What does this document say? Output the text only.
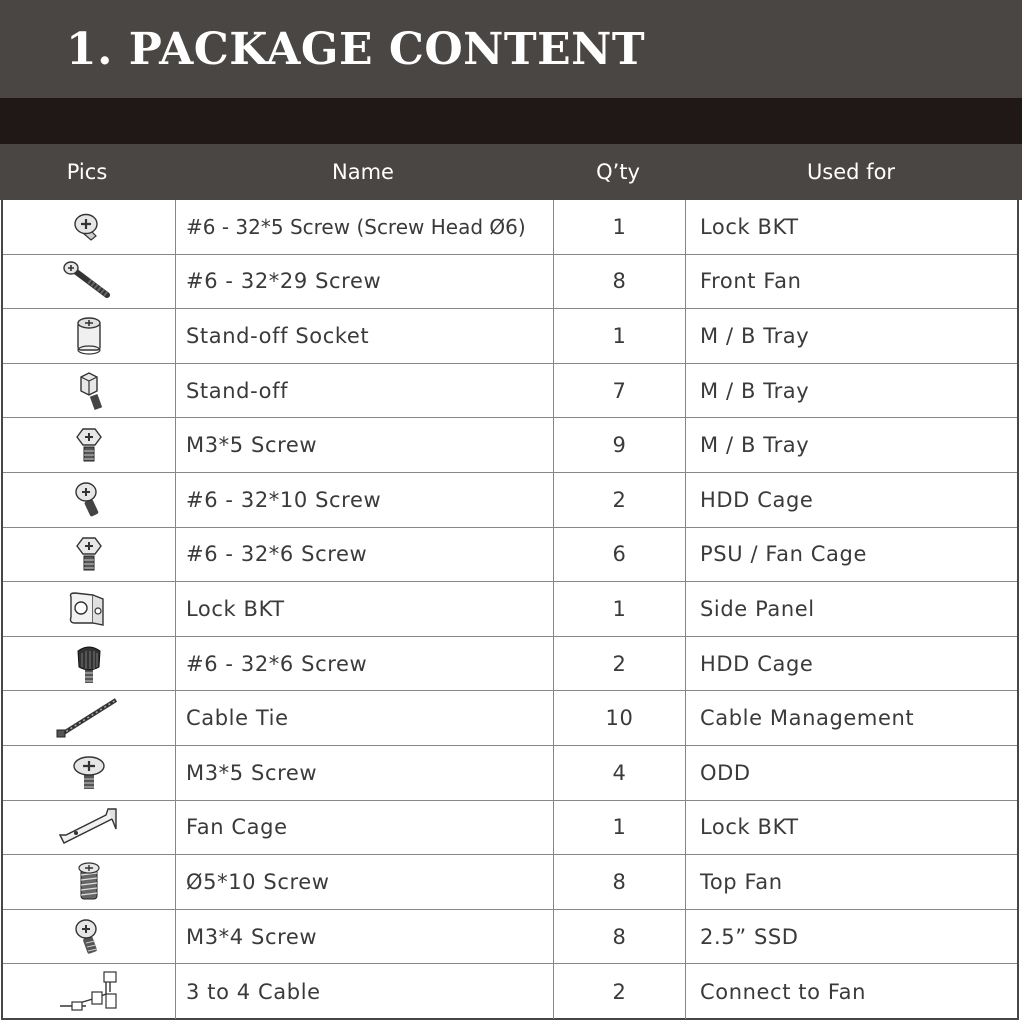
1. PACKAGE CONTENT
Pics	Name	Q’ty	Used for
#6 - 32*5 Screw (Screw Head Ø6)	1	Lock BKT
#6 - 32*29 Screw	8	Front Fan
Stand-off Socket	1	M / B Tray
Stand-off	7	M / B Tray
M3*5 Screw	9	M / B Tray
#6 - 32*10 Screw	2	HDD Cage
#6 - 32*6 Screw	6	PSU / Fan Cage
Lock BKT	1	Side Panel
#6 - 32*6 Screw	2	HDD Cage
Cable Tie	10	Cable Management
M3*5 Screw	4	ODD
Fan Cage	1	Lock BKT
Ø5*10 Screw	8	Top Fan
M3*4 Screw	8	2.5” SSD
3 to 4 Cable	2	Connect to Fan
